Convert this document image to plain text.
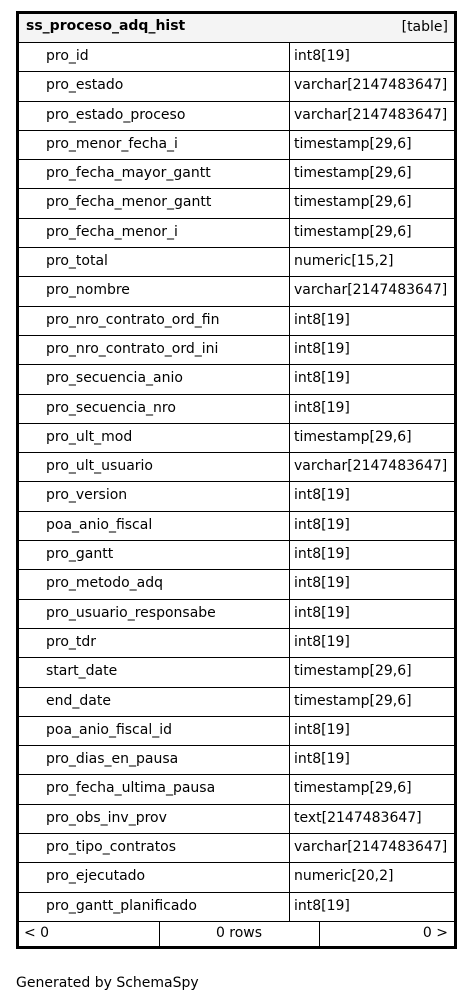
ss_proceso_adq_hist	[table]
pro_id	int8[19]
pro_estado	varchar[2147483647]
pro_estado_proceso	varchar[2147483647]
pro_menor_fecha_i	timestamp[29,6]
pro_fecha_mayor_gantt	timestamp[29,6]
pro_fecha_menor_gantt	timestamp[29,6]
pro_fecha_menor_i	timestamp[29,6]
pro_total	numeric[15,2]
pro_nombre	varchar[2147483647]
pro_nro_contrato_ord_fin	int8[19]
pro_nro_contrato_ord_ini	int8[19]
pro_secuencia_anio	int8[19]
pro_secuencia_nro	int8[19]
pro_ult_mod	timestamp[29,6]
pro_ult_usuario	varchar[2147483647]
pro_version	int8[19]
poa_anio_fiscal	int8[19]
pro_gantt	int8[19]
pro_metodo_adq	int8[19]
pro_usuario_responsabe	int8[19]
pro_tdr	int8[19]
start_date	timestamp[29,6]
end_date	timestamp[29,6]
poa_anio_fiscal_id	int8[19]
pro_dias_en_pausa	int8[19]
pro_fecha_ultima_pausa	timestamp[29,6]
pro_obs_inv_prov	text[2147483647]
pro_tipo_contratos	varchar[2147483647]
pro_ejecutado	numeric[20,2]
pro_gantt_planificado	int8[19]
< 0	0 rows	0 >
Generated by SchemaSpy
